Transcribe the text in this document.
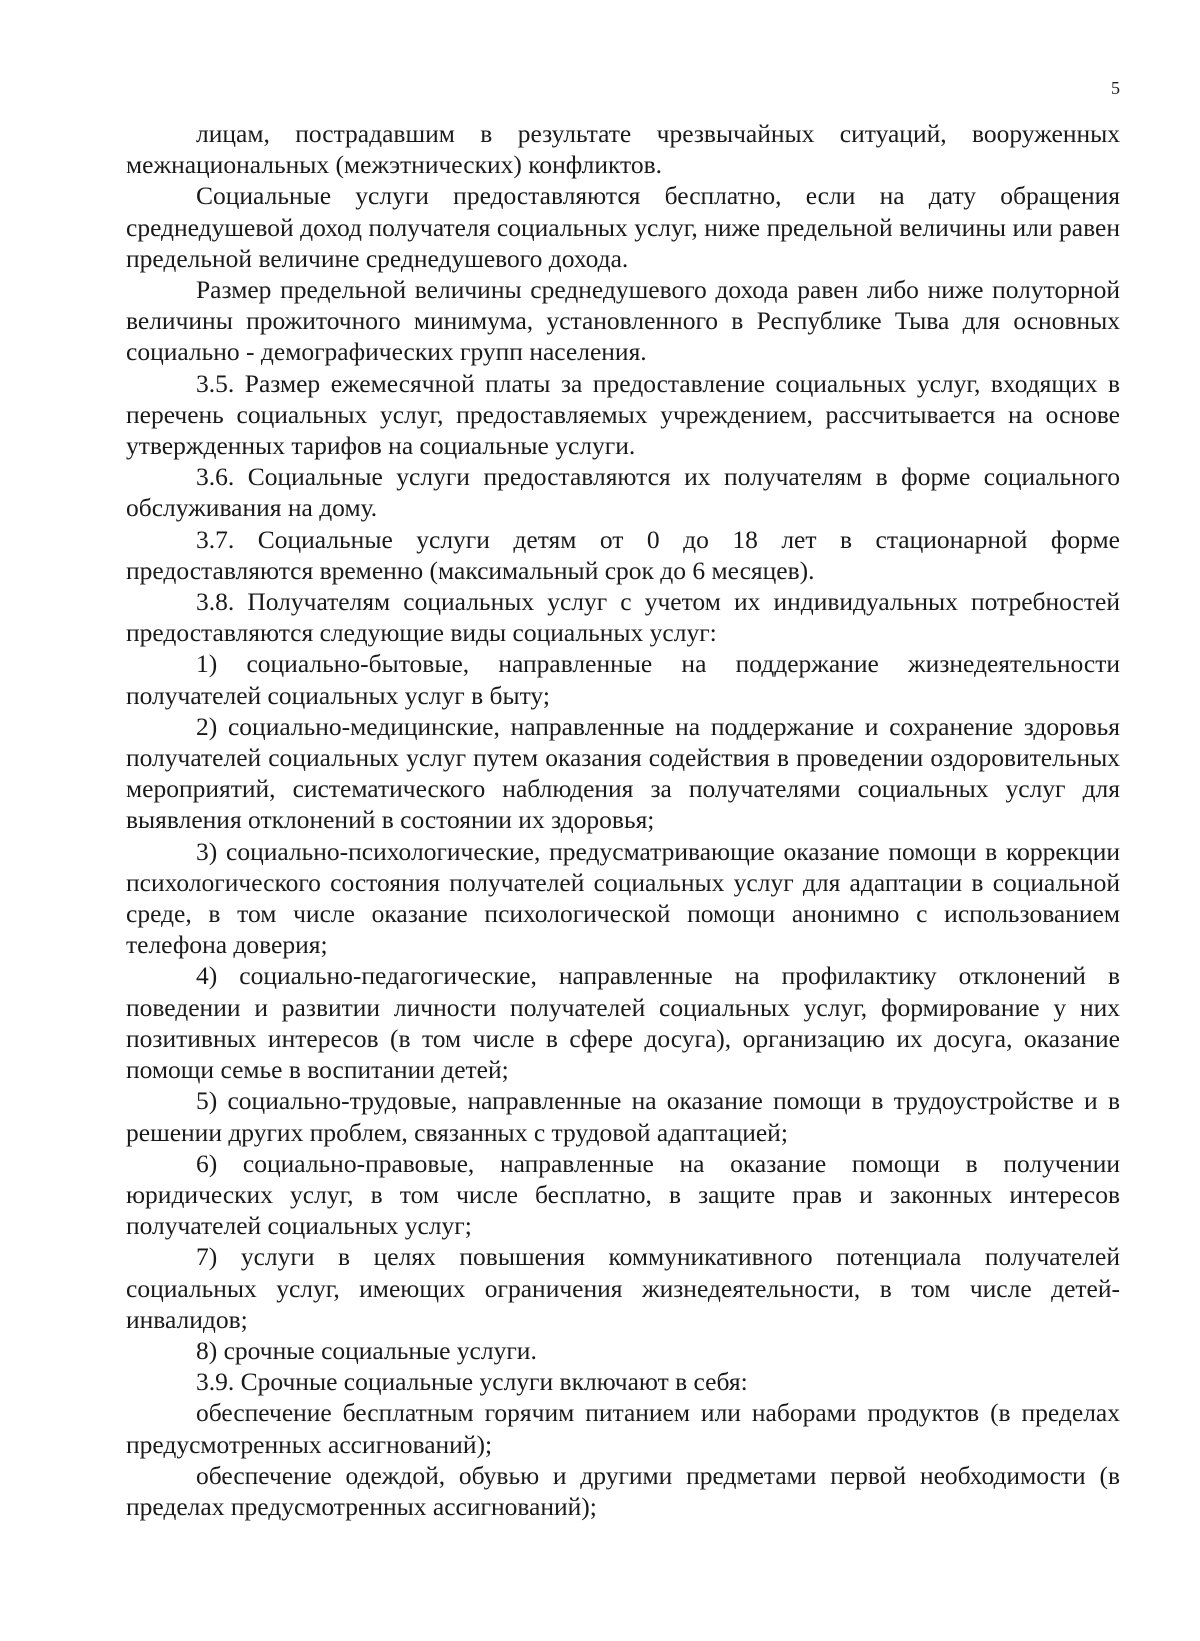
5

лицам, пострадавшим в результате чрезвычайных ситуаций, вооруженных межнациональных (межэтнических) конфликтов.

Социальные услуги предоставляются бесплатно, если на дату обращения среднедушевой доход получателя социальных услуг, ниже предельной величины или равен предельной величине среднедушевого дохода.

Размер предельной величины среднедушевого дохода равен либо ниже полуторной величины прожиточного минимума, установленного в Республике Тыва для основных социально - демографических групп населения.

3.5. Размер ежемесячной платы за предоставление социальных услуг, входящих в перечень социальных услуг, предоставляемых учреждением, рассчитывается на основе утвержденных тарифов на социальные услуги.

3.6. Социальные услуги предоставляются их получателям в форме социального обслуживания на дому.

3.7. Социальные услуги детям от 0 до 18 лет в стационарной форме предоставляются временно (максимальный срок до 6 месяцев).

3.8. Получателям социальных услуг с учетом их индивидуальных потребностей предоставляются следующие виды социальных услуг:

1) социально-бытовые, направленные на поддержание жизнедеятельности получателей социальных услуг в быту;

2) социально-медицинские, направленные на поддержание и сохранение здоровья получателей социальных услуг путем оказания содействия в проведении оздоровительных мероприятий, систематического наблюдения за получателями социальных услуг для выявления отклонений в состоянии их здоровья;

3) социально-психологические, предусматривающие оказание помощи в коррекции психологического состояния получателей социальных услуг для адаптации в социальной среде, в том числе оказание психологической помощи анонимно с использованием телефона доверия;

4) социально-педагогические, направленные на профилактику отклонений в поведении и развитии личности получателей социальных услуг, формирование у них позитивных интересов (в том числе в сфере досуга), организацию их досуга, оказание помощи семье в воспитании детей;

5) социально-трудовые, направленные на оказание помощи в трудоустройстве и в решении других проблем, связанных с трудовой адаптацией;

6) социально-правовые, направленные на оказание помощи в получении юридических услуг, в том числе бесплатно, в защите прав и законных интересов получателей социальных услуг;

7) услуги в целях повышения коммуникативного потенциала получателей социальных услуг, имеющих ограничения жизнедеятельности, в том числе детей-инвалидов;

8) срочные социальные услуги.

3.9. Срочные социальные услуги включают в себя:

обеспечение бесплатным горячим питанием или наборами продуктов (в пределах предусмотренных ассигнований);

обеспечение одеждой, обувью и другими предметами первой необходимости (в пределах предусмотренных ассигнований);
